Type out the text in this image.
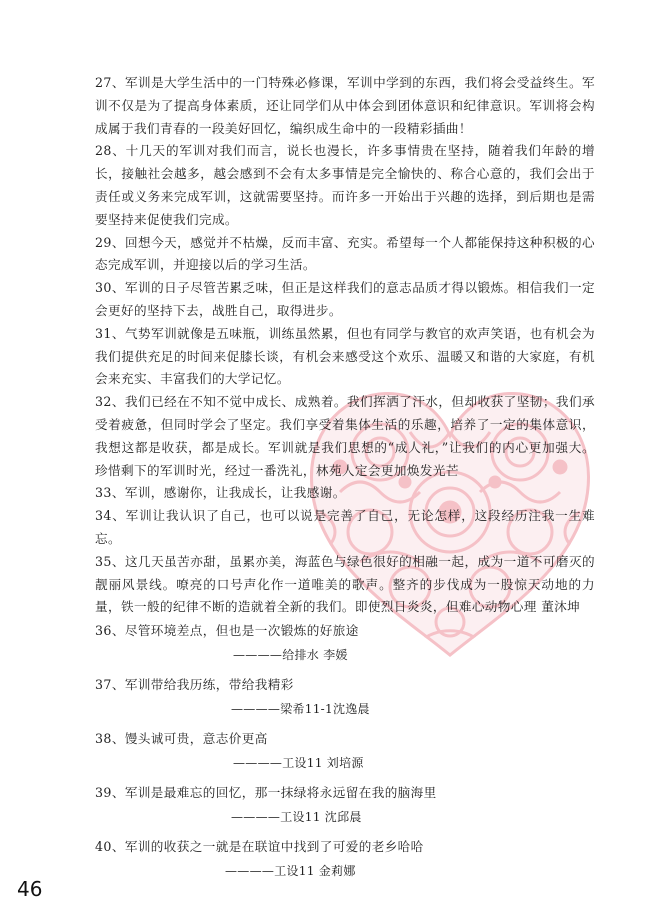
27、军训是大学生活中的一门特殊必修课，军训中学到的东西，我们将会受益终生。军训不仅是为了提高身体素质，还让同学们从中体会到团体意识和纪律意识。军训将会构成属于我们青春的一段美好回忆，编织成生命中的一段精彩插曲！

28、十几天的军训对我们而言，说长也漫长，许多事情贵在坚持，随着我们年龄的增长，接触社会越多，越会感到不会有太多事情是完全愉快的、称合心意的，我们会出于责任或义务来完成军训，这就需要坚持。而许多一开始出于兴趣的选择，到后期也是需要坚持来促使我们完成。

29、回想今天，感觉并不枯燥，反而丰富、充实。希望每一个人都能保持这种积极的心态完成军训，并迎接以后的学习生活。

30、军训的日子尽管苦累乏味，但正是这样我们的意志品质才得以锻炼。相信我们一定会更好的坚持下去，战胜自己，取得进步。

31、气势军训就像是五味瓶，训练虽然累，但也有同学与教官的欢声笑语，也有机会为我们提供充足的时间来促膝长谈，有机会来感受这个欢乐、温暖又和谐的大家庭，有机会来充实、丰富我们的大学记忆。

32、我们已经在不知不觉中成长、成熟着。我们挥洒了汗水，但却收获了坚韧；我们承受着疲惫，但同时学会了坚定。我们享受着集体生活的乐趣，培养了一定的集体意识，我想这都是收获，都是成长。军训就是我们思想的“成人礼，”让我们的内心更加强大。珍惜剩下的军训时光，经过一番洗礼，林苑人定会更加焕发光芒

33、军训，感谢你，让我成长，让我感谢。

34、军训让我认识了自己，也可以说是完善了自己，无论怎样，这段经历注我一生难忘。

35、这几天虽苦亦甜，虽累亦美，海蓝色与绿色很好的相融一起，成为一道不可磨灭的靓丽风景线。嘹亮的口号声化作一道唯美的歌声。整齐的步伐成为一股惊天动地的力量，铁一般的纪律不断的造就着全新的我们。即使烈日炎炎，但难心动物心理 董沐坤

36、尽管环境差点，但也是一次锻炼的好旅途

————给排水 李媛

37、军训带给我历练，带给我精彩

————梁希11-1沈逸晨

38、馒头诚可贵，意志价更高

————工设11 刘培源

39、军训是最难忘的回忆，那一抹绿将永远留在我的脑海里

————工设11 沈邱晨

40、军训的收获之一就是在联谊中找到了可爱的老乡哈哈

————工设11 金莉娜

46
